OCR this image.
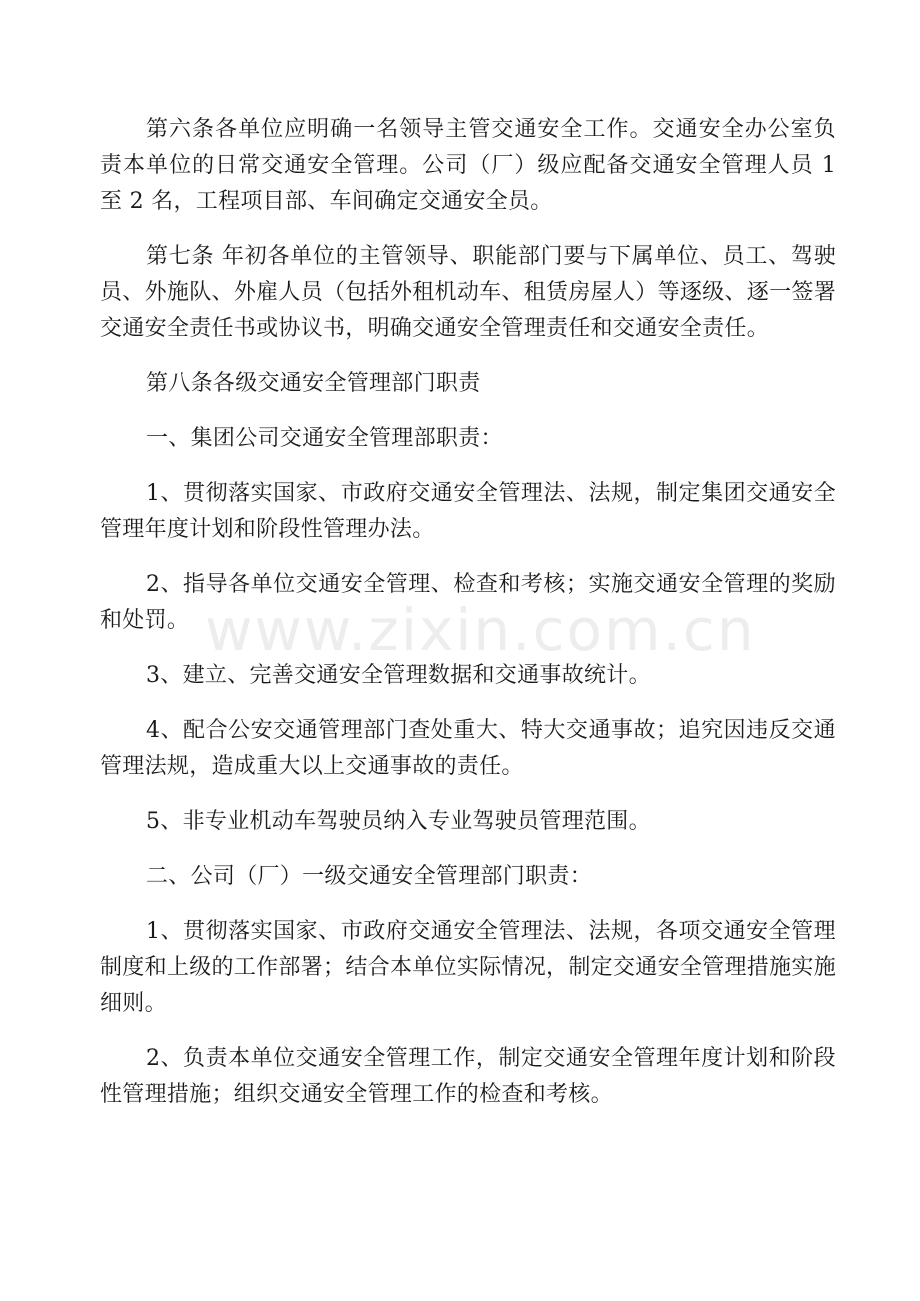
第六条各单位应明确一名领导主管交通安全工作。交通安全办公室负责本单位的日常交通安全管理。公司（厂）级应配备交通安全管理人员 1 至 2 名，工程项目部、车间确定交通安全员。

第七条 年初各单位的主管领导、职能部门要与下属单位、员工、驾驶员、外施队、外雇人员（包括外租机动车、租赁房屋人）等逐级、逐一签署交通安全责任书或协议书，明确交通安全管理责任和交通安全责任。

第八条各级交通安全管理部门职责

一、集团公司交通安全管理部职责：

1、贯彻落实国家、市政府交通安全管理法、法规，制定集团交通安全管理年度计划和阶段性管理办法。

2、指导各单位交通安全管理、检查和考核；实施交通安全管理的奖励和处罚。

3、建立、完善交通安全管理数据和交通事故统计。

4、配合公安交通管理部门查处重大、特大交通事故；追究因违反交通管理法规，造成重大以上交通事故的责任。

5、非专业机动车驾驶员纳入专业驾驶员管理范围。

二、公司（厂）一级交通安全管理部门职责：

1、贯彻落实国家、市政府交通安全管理法、法规，各项交通安全管理制度和上级的工作部署；结合本单位实际情况，制定交通安全管理措施实施细则。

2、负责本单位交通安全管理工作，制定交通安全管理年度计划和阶段性管理措施；组织交通安全管理工作的检查和考核。

www.zixin.com.cn
